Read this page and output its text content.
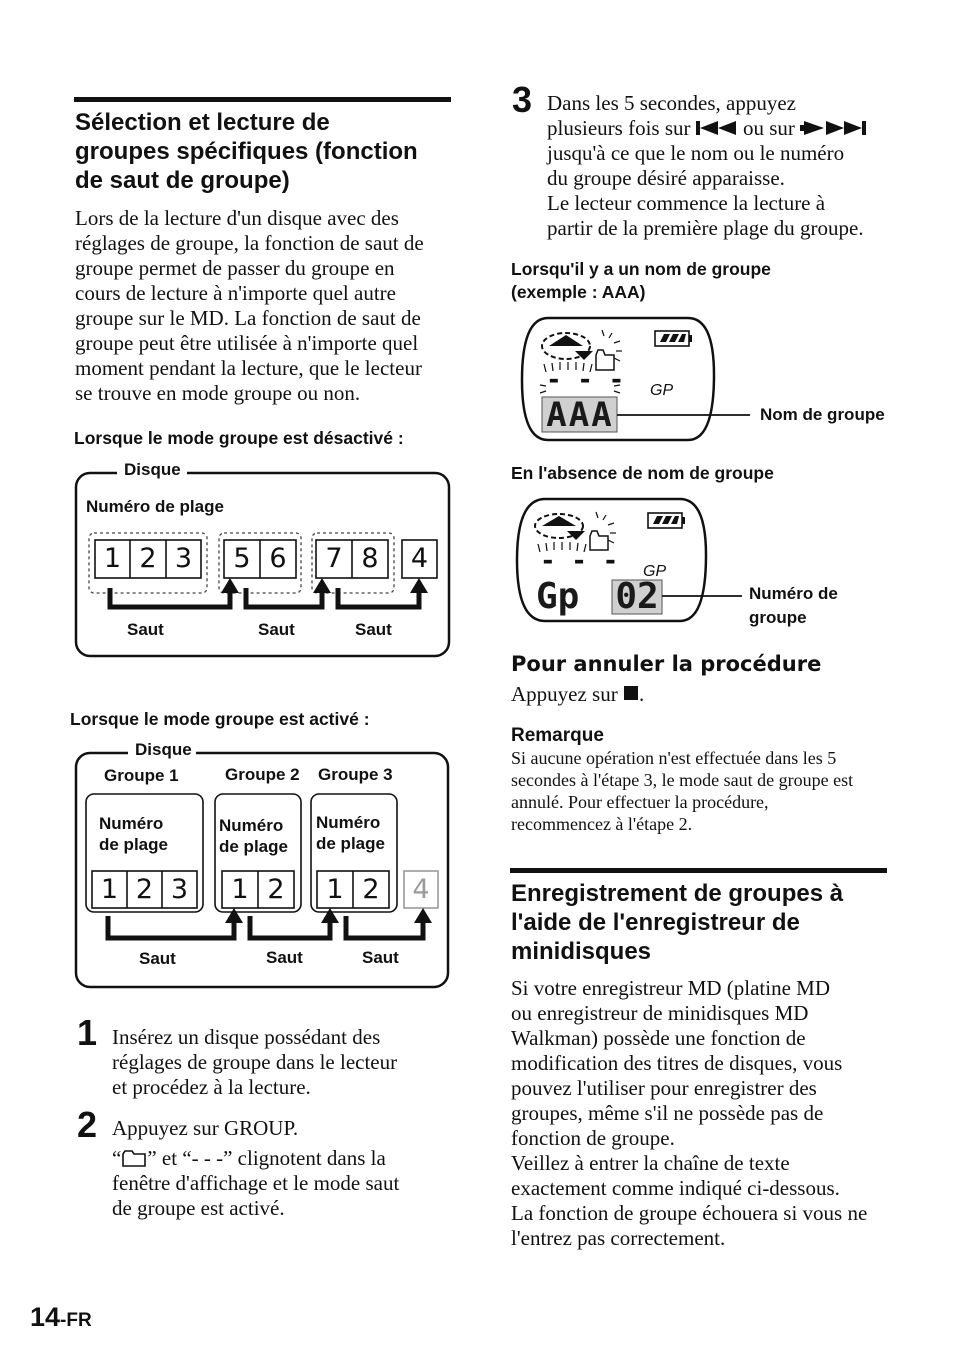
Sélection et lecture de
groupes spécifiques (fonction
de saut de groupe)
Lors de la lecture d'un disque avec des
réglages de groupe, la fonction de saut de
groupe permet de passer du groupe en
cours de lecture à n'importe quel autre
groupe sur le MD. La fonction de saut de
groupe peut être utilisée à n'importe quel
moment pendant la lecture, que le lecteur
se trouve en mode groupe ou non.
Lorsque le mode groupe est désactivé :
Disque
Numéro de plage
1 2 3	5 6	7 8	4
Saut	Saut	Saut
Lorsque le mode groupe est activé :
Disque
Groupe 1	Groupe 2 Groupe 3
Numéro
de plage
Numéro
de plage
Numéro
de plage
1 2 3	1 2	1 2	4
Saut	Saut	Saut
1 Insérez un disque possédant des
réglages de groupe dans le lecteur
et procédez à la lecture.
2 Appuyez sur GROUP.
“ ” et “- - -” clignotent dans la
fenêtre d'affichage et le mode saut
de groupe est activé.
3 Dans les 5 secondes, appuyez
plusieurs fois sur  ou sur
jusqu'à ce que le nom ou le numéro
du groupe désiré apparaisse.
Le lecteur commence la lecture à
partir de la première plage du groupe.
Lorsqu'il y a un nom de groupe
(exemple : AAA)
- - - GP
AAA	Nom de groupe
En l'absence de nom de groupe
- - - GP
Gp 02	Numéro de
groupe
Pour annuler la procédure
Appuyez sur .
Remarque
Si aucune opération n'est effectuée dans les 5
secondes à l'étape 3, le mode saut de groupe est
annulé. Pour effectuer la procédure,
recommencez à l'étape 2.
Enregistrement de groupes à
l'aide de l'enregistreur de
minidisques
Si votre enregistreur MD (platine MD
ou enregistreur de minidisques MD
Walkman) possède une fonction de
modification des titres de disques, vous
pouvez l'utiliser pour enregistrer des
groupes, même s'il ne possède pas de
fonction de groupe.
Veillez à entrer la chaîne de texte
exactement comme indiqué ci-dessous.
La fonction de groupe échouera si vous ne
l'entrez pas correctement.
14-FR
